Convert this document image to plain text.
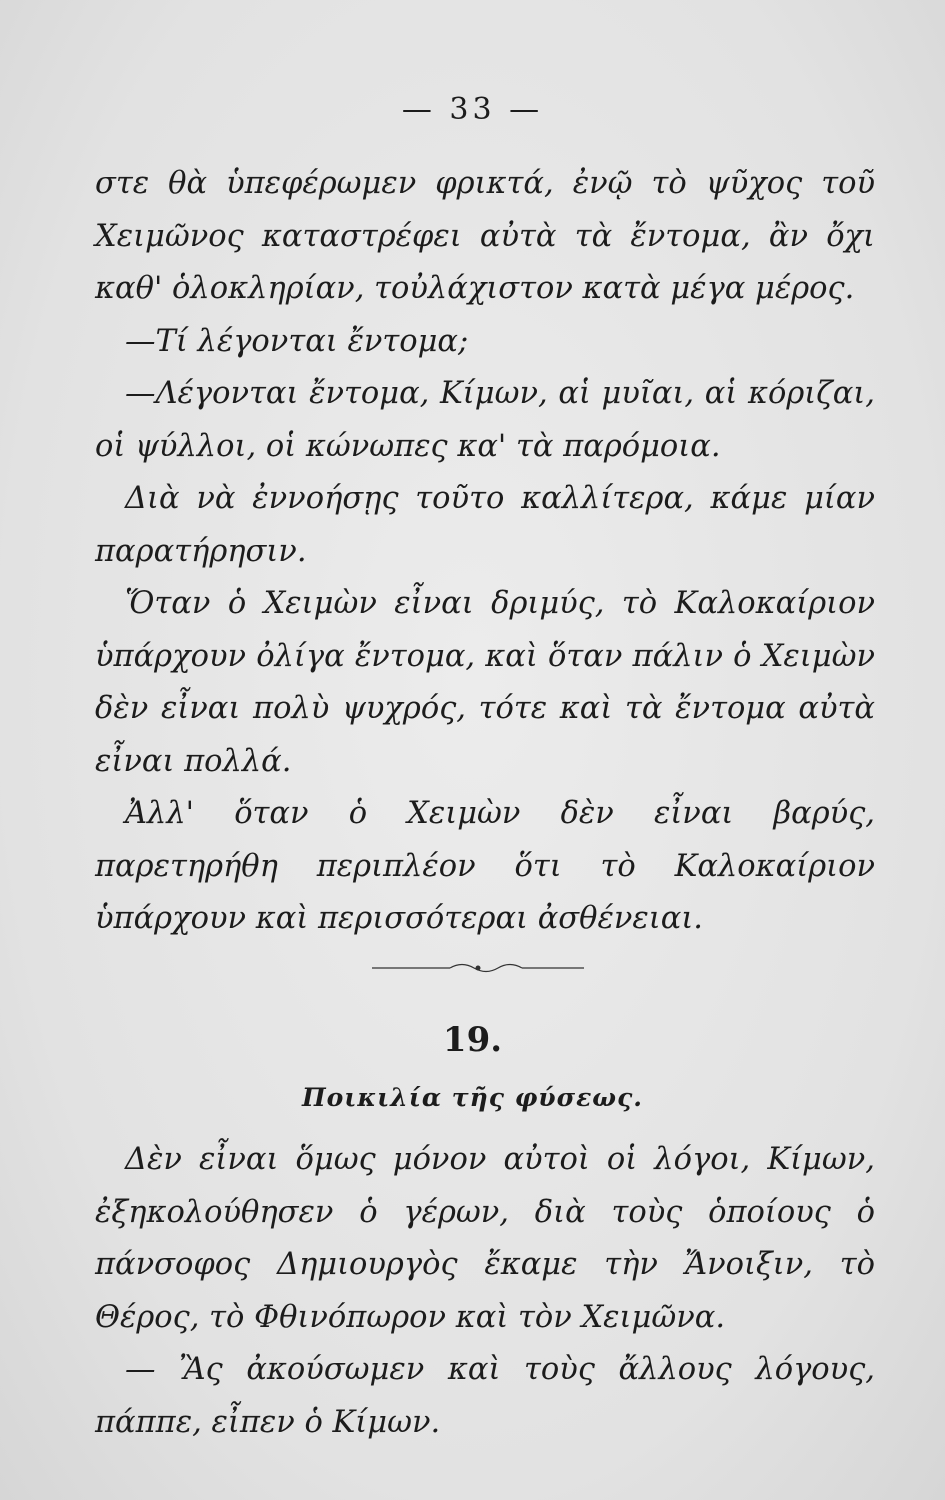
— 33 —

στε θὰ ὑπεφέρωμεν φρικτά, ἐνῷ τὸ ψῦχος τοῦ Χειμῶνος καταστρέφει αὐτὰ τὰ ἔντομα, ἂν ὄχι καθ' ὁλοκληρίαν, τοὐλάχιστον κατὰ μέγα μέρος.

—Τί λέγονται ἔντομα;

—Λέγονται ἔντομα, Κίμων, αἱ μυῖαι, αἱ κόριζαι, οἱ ψύλλοι, οἱ κώνωπες κα' τὰ παρόμοια.

Διὰ νὰ ἐννοήσῃς τοῦτο καλλίτερα, κάμε μίαν παρατήρησιν.

Ὅταν ὁ Χειμὼν εἶναι δριμύς, τὸ Καλοκαίριον ὑπάρχουν ὀλίγα ἔντομα, καὶ ὅταν πάλιν ὁ Χειμὼν δὲν εἶναι πολὺ ψυχρός, τότε καὶ τὰ ἔντομα αὐτὰ εἶναι πολλά.

Ἀλλ' ὅταν ὁ Χειμὼν δὲν εἶναι βαρύς, παρετηρήθη περιπλέον ὅτι τὸ Καλοκαίριον ὑπάρχουν καὶ περισσότεραι ἀσθένειαι.

19.
Ποικιλία τῆς φύσεως.

Δὲν εἶναι ὅμως μόνον αὐτοὶ οἱ λόγοι, Κίμων, ἐξηκολούθησεν ὁ γέρων, διὰ τοὺς ὁποίους ὁ πάνσοφος Δημιουργὸς ἔκαμε τὴν Ἄνοιξιν, τὸ Θέρος, τὸ Φθινόπωρον καὶ τὸν Χειμῶνα.

— Ἂς ἀκούσωμεν καὶ τοὺς ἄλλους λόγους, πάππε, εἶπεν ὁ Κίμων.
